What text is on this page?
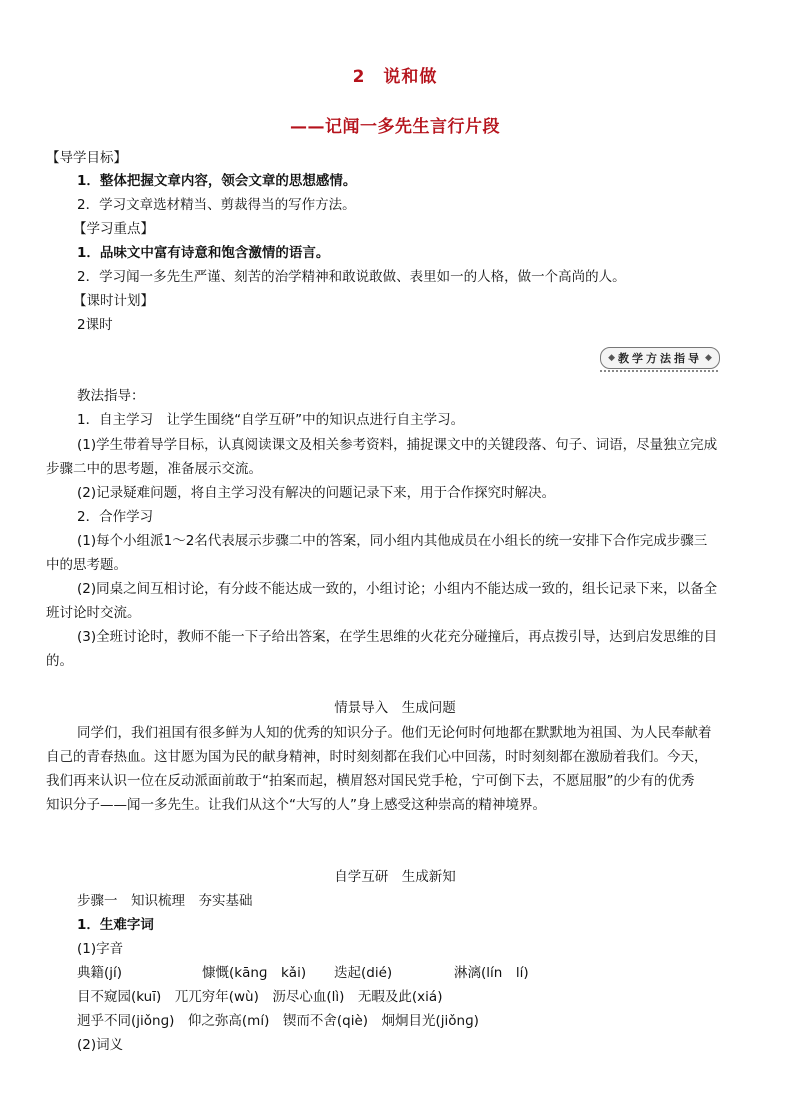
2　说和做
——记闻一多先生言行片段
【导学目标】
1．整体把握文章内容，领会文章的思想感情。
2．学习文章选材精当、剪裁得当的写作方法。
【学习重点】
1．品味文中富有诗意和饱含激情的语言。
2．学习闻一多先生严谨、刻苦的治学精神和敢说敢做、表里如一的人格，做一个高尚的人。
【课时计划】
2课时
◆ 教学方法指导 ◆
教法指导：
1．自主学习　让学生围绕“自学互研”中的知识点进行自主学习。
(1)学生带着导学目标，认真阅读课文及相关参考资料，捕捉课文中的关键段落、句子、词语，尽量独立完成
步骤二中的思考题，准备展示交流。
(2)记录疑难问题，将自主学习没有解决的问题记录下来，用于合作探究时解决。
2．合作学习
(1)每个小组派1～2名代表展示步骤二中的答案，同小组内其他成员在小组长的统一安排下合作完成步骤三
中的思考题。
(2)同桌之间互相讨论，有分歧不能达成一致的，小组讨论；小组内不能达成一致的，组长记录下来，以备全
班讨论时交流。
(3)全班讨论时，教师不能一下子给出答案，在学生思维的火花充分碰撞后，再点拨引导，达到启发思维的目
的。
情景导入　生成问题
同学们，我们祖国有很多鲜为人知的优秀的知识分子。他们无论何时何地都在默默地为祖国、为人民奉献着
自己的青春热血。这甘愿为国为民的献身精神，时时刻刻都在我们心中回荡，时时刻刻都在激励着我们。今天，
我们再来认识一位在反动派面前敢于“拍案而起，横眉怒对国民党手枪，宁可倒下去，不愿屈服”的少有的优秀
知识分子——闻一多先生。让我们从这个“大写的人”身上感受这种崇高的精神境界。
自学互研　生成新知
步骤一　知识梳理　夯实基础
1．生难字词
(1)字音
典籍(jí)	慷慨(kānɡ　kǎi) 迭起(dié)	淋漓(lín　lí)
目不窥园(kuī)　兀兀穷年(wù)　沥尽心血(lì)　无暇及此(xiá)
迥乎不同(jiǒnɡ)　仰之弥高(mí)　锲而不舍(qiè)　炯炯目光(jiǒnɡ)
(2)词义
